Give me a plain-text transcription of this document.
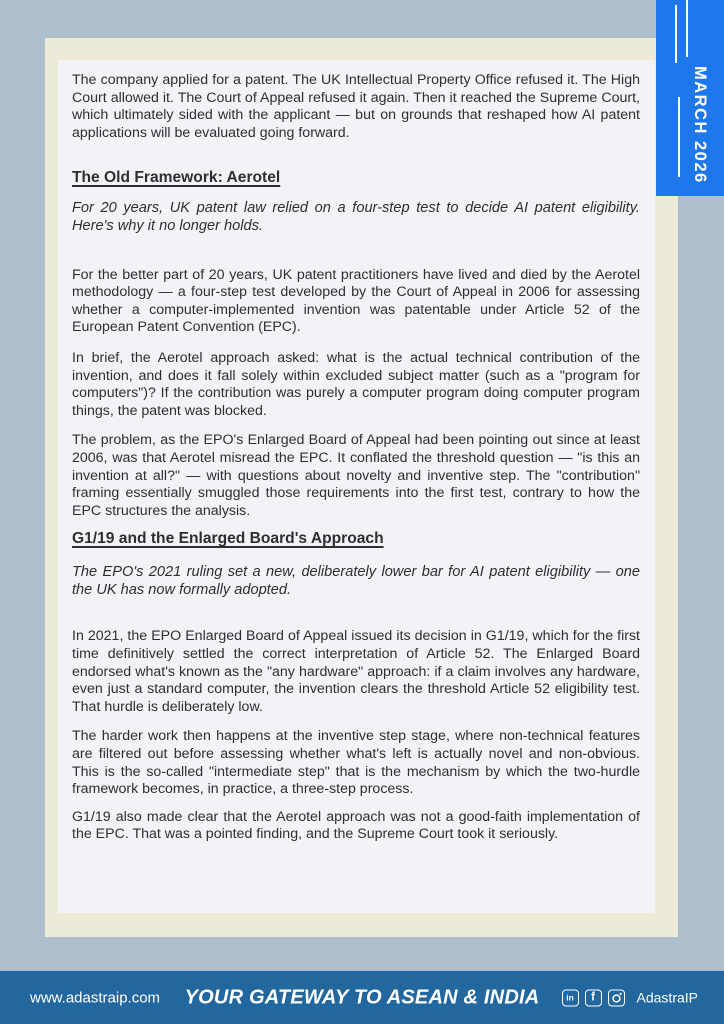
The company applied for a patent. The UK Intellectual Property Office refused it. The High Court allowed it. The Court of Appeal refused it again. Then it reached the Supreme Court, which ultimately sided with the applicant — but on grounds that reshaped how AI patent applications will be evaluated going forward.

The Old Framework: Aerotel

For 20 years, UK patent law relied on a four-step test to decide AI patent eligibility. Here's why it no longer holds.

For the better part of 20 years, UK patent practitioners have lived and died by the Aerotel methodology — a four-step test developed by the Court of Appeal in 2006 for assessing whether a computer-implemented invention was patentable under Article 52 of the European Patent Convention (EPC).

In brief, the Aerotel approach asked: what is the actual technical contribution of the invention, and does it fall solely within excluded subject matter (such as a "program for computers")? If the contribution was purely a computer program doing computer program things, the patent was blocked.

The problem, as the EPO's Enlarged Board of Appeal had been pointing out since at least 2006, was that Aerotel misread the EPC. It conflated the threshold question — "is this an invention at all?" — with questions about novelty and inventive step. The "contribution" framing essentially smuggled those requirements into the first test, contrary to how the EPC structures the analysis.

G1/19 and the Enlarged Board's Approach

The EPO's 2021 ruling set a new, deliberately lower bar for AI patent eligibility — one the UK has now formally adopted.

In 2021, the EPO Enlarged Board of Appeal issued its decision in G1/19, which for the first time definitively settled the correct interpretation of Article 52. The Enlarged Board endorsed what's known as the "any hardware" approach: if a claim involves any hardware, even just a standard computer, the invention clears the threshold Article 52 eligibility test. That hurdle is deliberately low.

The harder work then happens at the inventive step stage, where non-technical features are filtered out before assessing whether what's left is actually novel and non-obvious. This is the so-called "intermediate step" that is the mechanism by which the two-hurdle framework becomes, in practice, a three-step process.

G1/19 also made clear that the Aerotel approach was not a good-faith implementation of the EPC. That was a pointed finding, and the Supreme Court took it seriously.

MARCH 2026
www.adastraip.com YOUR GATEWAY TO ASEAN & INDIA	in	f	AdastraIP
